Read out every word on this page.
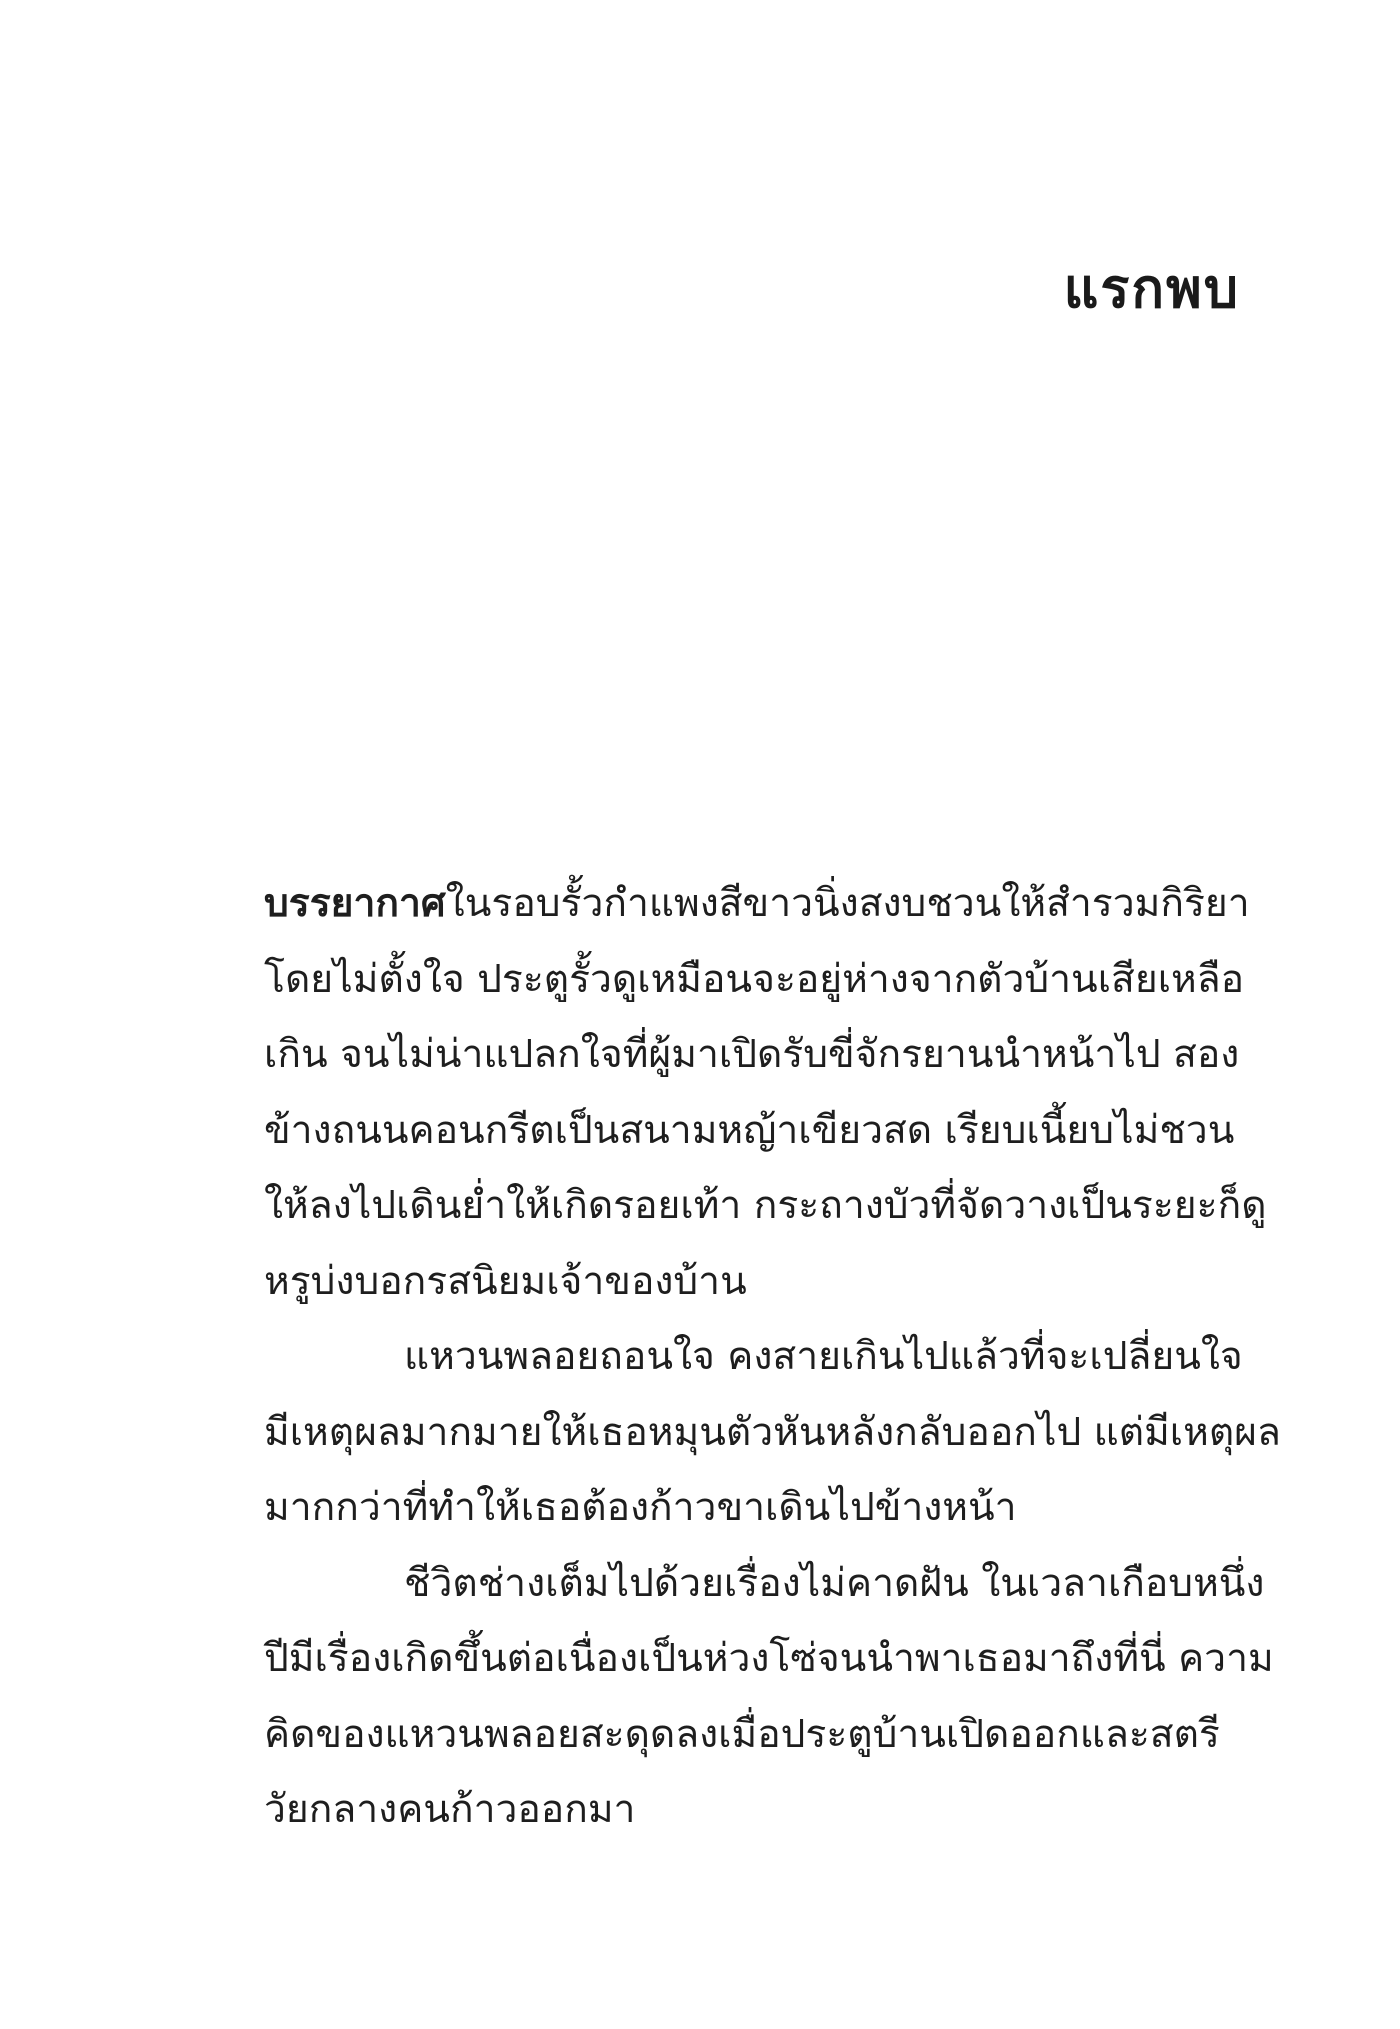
แรกพบ
บรรยากาศในรอบรั้วกำแพงสีขาวนิ่งสงบชวนให้สำรวมกิริยา
โดยไม่ตั้งใจ ประตูรั้วดูเหมือนจะอยู่ห่างจากตัวบ้านเสียเหลือ
เกิน จนไม่น่าแปลกใจที่ผู้มาเปิดรับขี่จักรยานนำหน้าไป สอง
ข้างถนนคอนกรีตเป็นสนามหญ้าเขียวสด เรียบเนี้ยบไม่ชวน
ให้ลงไปเดินย่ำให้เกิดรอยเท้า กระถางบัวที่จัดวางเป็นระยะก็ดู
หรูบ่งบอกรสนิยมเจ้าของบ้าน
แหวนพลอยถอนใจ คงสายเกินไปแล้วที่จะเปลี่ยนใจ
มีเหตุผลมากมายให้เธอหมุนตัวหันหลังกลับออกไป แต่มีเหตุผล
มากกว่าที่ทำให้เธอต้องก้าวขาเดินไปข้างหน้า
ชีวิตช่างเต็มไปด้วยเรื่องไม่คาดฝัน ในเวลาเกือบหนึ่ง
ปีมีเรื่องเกิดขึ้นต่อเนื่องเป็นห่วงโซ่จนนำพาเธอมาถึงที่นี่ ความ
คิดของแหวนพลอยสะดุดลงเมื่อประตูบ้านเปิดออกและสตรี
วัยกลางคนก้าวออกมา
